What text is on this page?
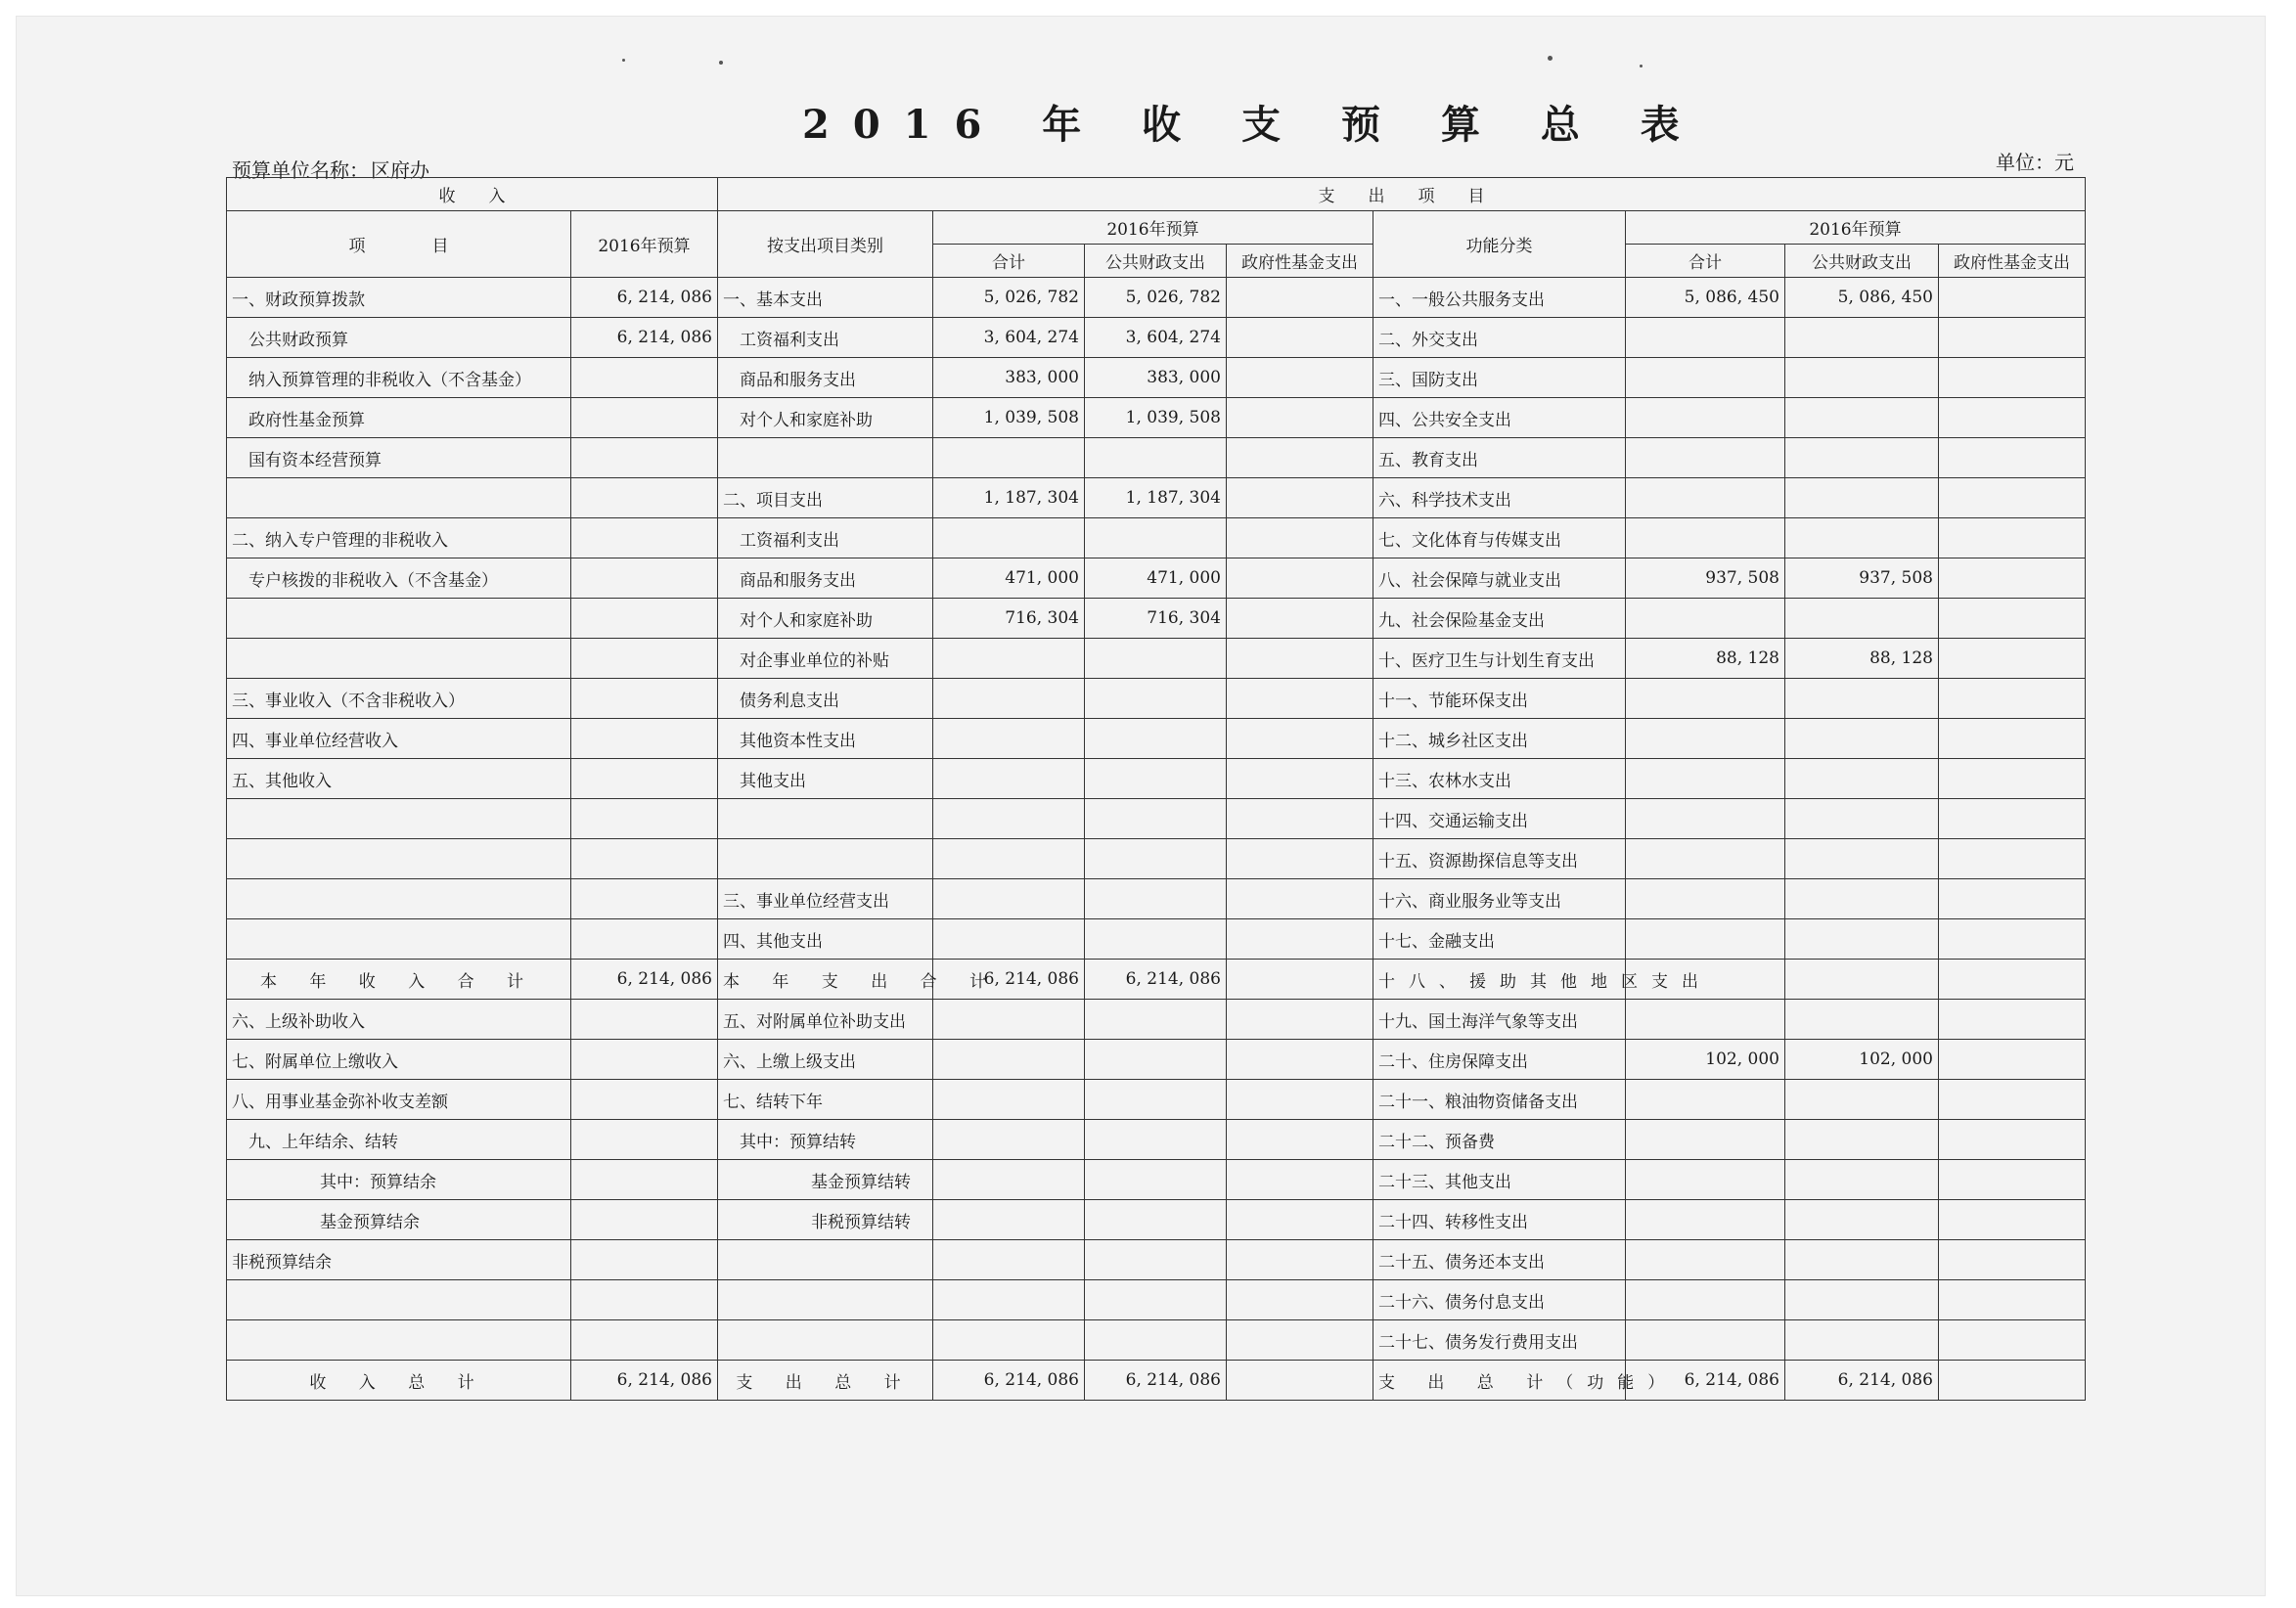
2016 年 收 支 预 算 总 表
预算单位名称： 区府办	单位：元
收　　入		支　　出　　项　　目							
项　　　　目	2016年预算	按支出项目类别	2016年预算			功能分类	2016年预算		
			合计	公共财政支出	政府性基金支出		合计	公共财政支出	政府性基金支出
一、财政预算拨款	6, 214, 086	一、基本支出	5, 026, 782	5, 026, 782		一、一般公共服务支出	5, 086, 450	5, 086, 450	
公共财政预算	6, 214, 086	工资福利支出	3, 604, 274	3, 604, 274		二、外交支出			
纳入预算管理的非税收入（不含基金）		商品和服务支出	383, 000	383, 000		三、国防支出			
政府性基金预算		对个人和家庭补助	1, 039, 508	1, 039, 508		四、公共安全支出			
国有资本经营预算						五、教育支出			
		二、项目支出	1, 187, 304	1, 187, 304		六、科学技术支出			
二、纳入专户管理的非税收入		工资福利支出				七、文化体育与传媒支出			
专户核拨的非税收入（不含基金）		商品和服务支出	471, 000	471, 000		八、社会保障与就业支出	937, 508	937, 508	
		对个人和家庭补助	716, 304	716, 304		九、社会保险基金支出			
		对企事业单位的补贴				十、医疗卫生与计划生育支出	88, 128	88, 128	
三、事业收入（不含非税收入）		债务利息支出				十一、节能环保支出			
四、事业单位经营收入		其他资本性支出				十二、城乡社区支出			
五、其他收入		其他支出				十三、农林水支出			
						十四、交通运输支出			
						十五、资源勘探信息等支出			
		三、事业单位经营支出				十六、商业服务业等支出			
		四、其他支出				十七、金融支出			
本 年 收 入 合 计	6, 214, 086	本 年 支 出 合 计	6, 214, 086	6, 214, 086		十八、援助其他地区支出			
六、上级补助收入		五、对附属单位补助支出				十九、国土海洋气象等支出			
七、附属单位上缴收入		六、上缴上级支出				二十、住房保障支出	102, 000	102, 000	
八、用事业基金弥补收支差额		七、结转下年				二十一、粮油物资储备支出			
九、上年结余、结转		其中：预算结转				二十二、预备费			
其中：预算结余		基金预算结转				二十三、其他支出			
基金预算结余		非税预算结转				二十四、转移性支出			
非税预算结余						二十五、债务还本支出			
						二十六、债务付息支出			
						二十七、债务发行费用支出			
收 入 总 计	6, 214, 086	支 出 总 计	6, 214, 086	6, 214, 086		支 出 总 计（功能）	6, 214, 086	6, 214, 086	
